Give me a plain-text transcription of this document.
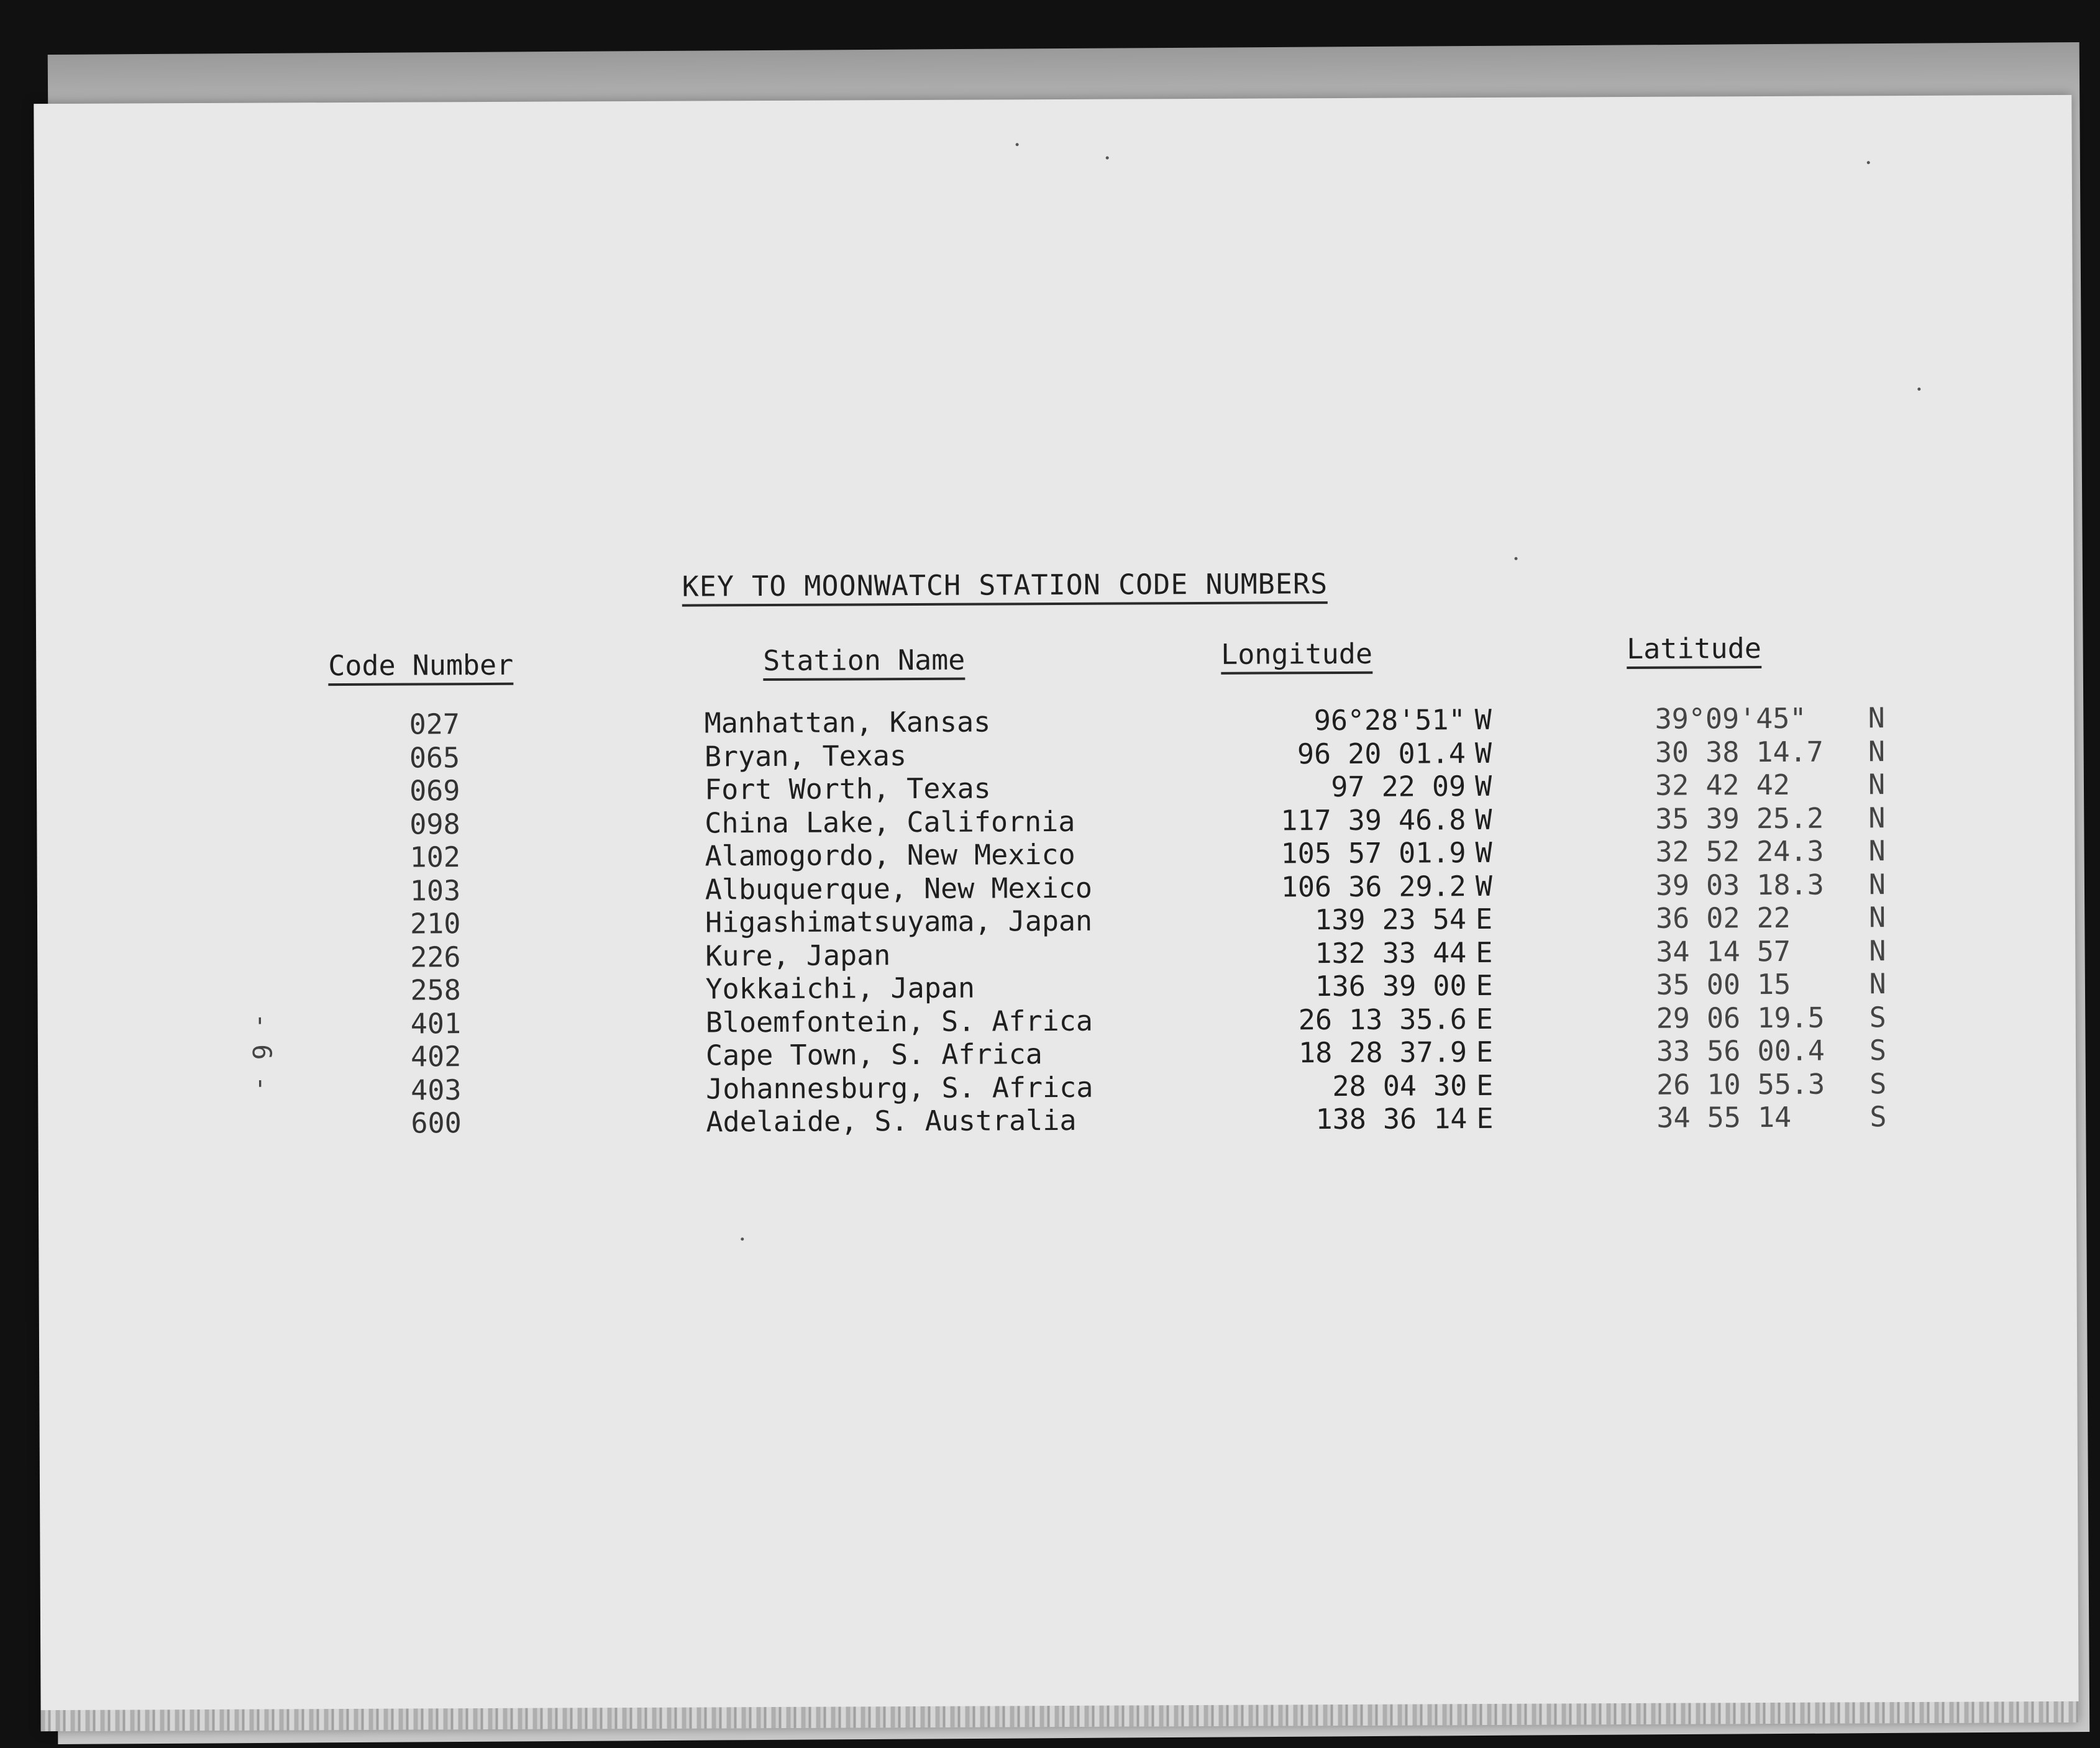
KEY TO MOONWATCH STATION CODE NUMBERS
Code Number	Station Name	Longitude	Latitude
- 6 -
027	Manhattan, Kansas	96°28'51" W	39°09'45" N
065	Bryan, Texas	96 20 01.4 W	30 38 14.7 N
069	Fort Worth, Texas	97 22 09 W	32 42 42	N
098	China Lake, California	117 39 46.8 W	35 39 25.2 N
102	Alamogordo, New Mexico	105 57 01.9 W	32 52 24.3 N
103	Albuquerque, New Mexico	106 36 29.2 W	39 03 18.3 N
210	Higashimatsuyama, Japan	139 23 54 E	36 02 22	N
226	Kure, Japan	132 33 44 E	34 14 57	N
258	Yokkaichi, Japan	136 39 00 E	35 00 15	N
401	Bloemfontein, S. Africa	26 13 35.6 E	29 06 19.5 S
402	Cape Town, S. Africa	18 28 37.9 E	33 56 00.4 S
403	Johannesburg, S. Africa	28 04 30 E	26 10 55.3 S
600	Adelaide, S. Australia	138 36 14 E	34 55 14	S
